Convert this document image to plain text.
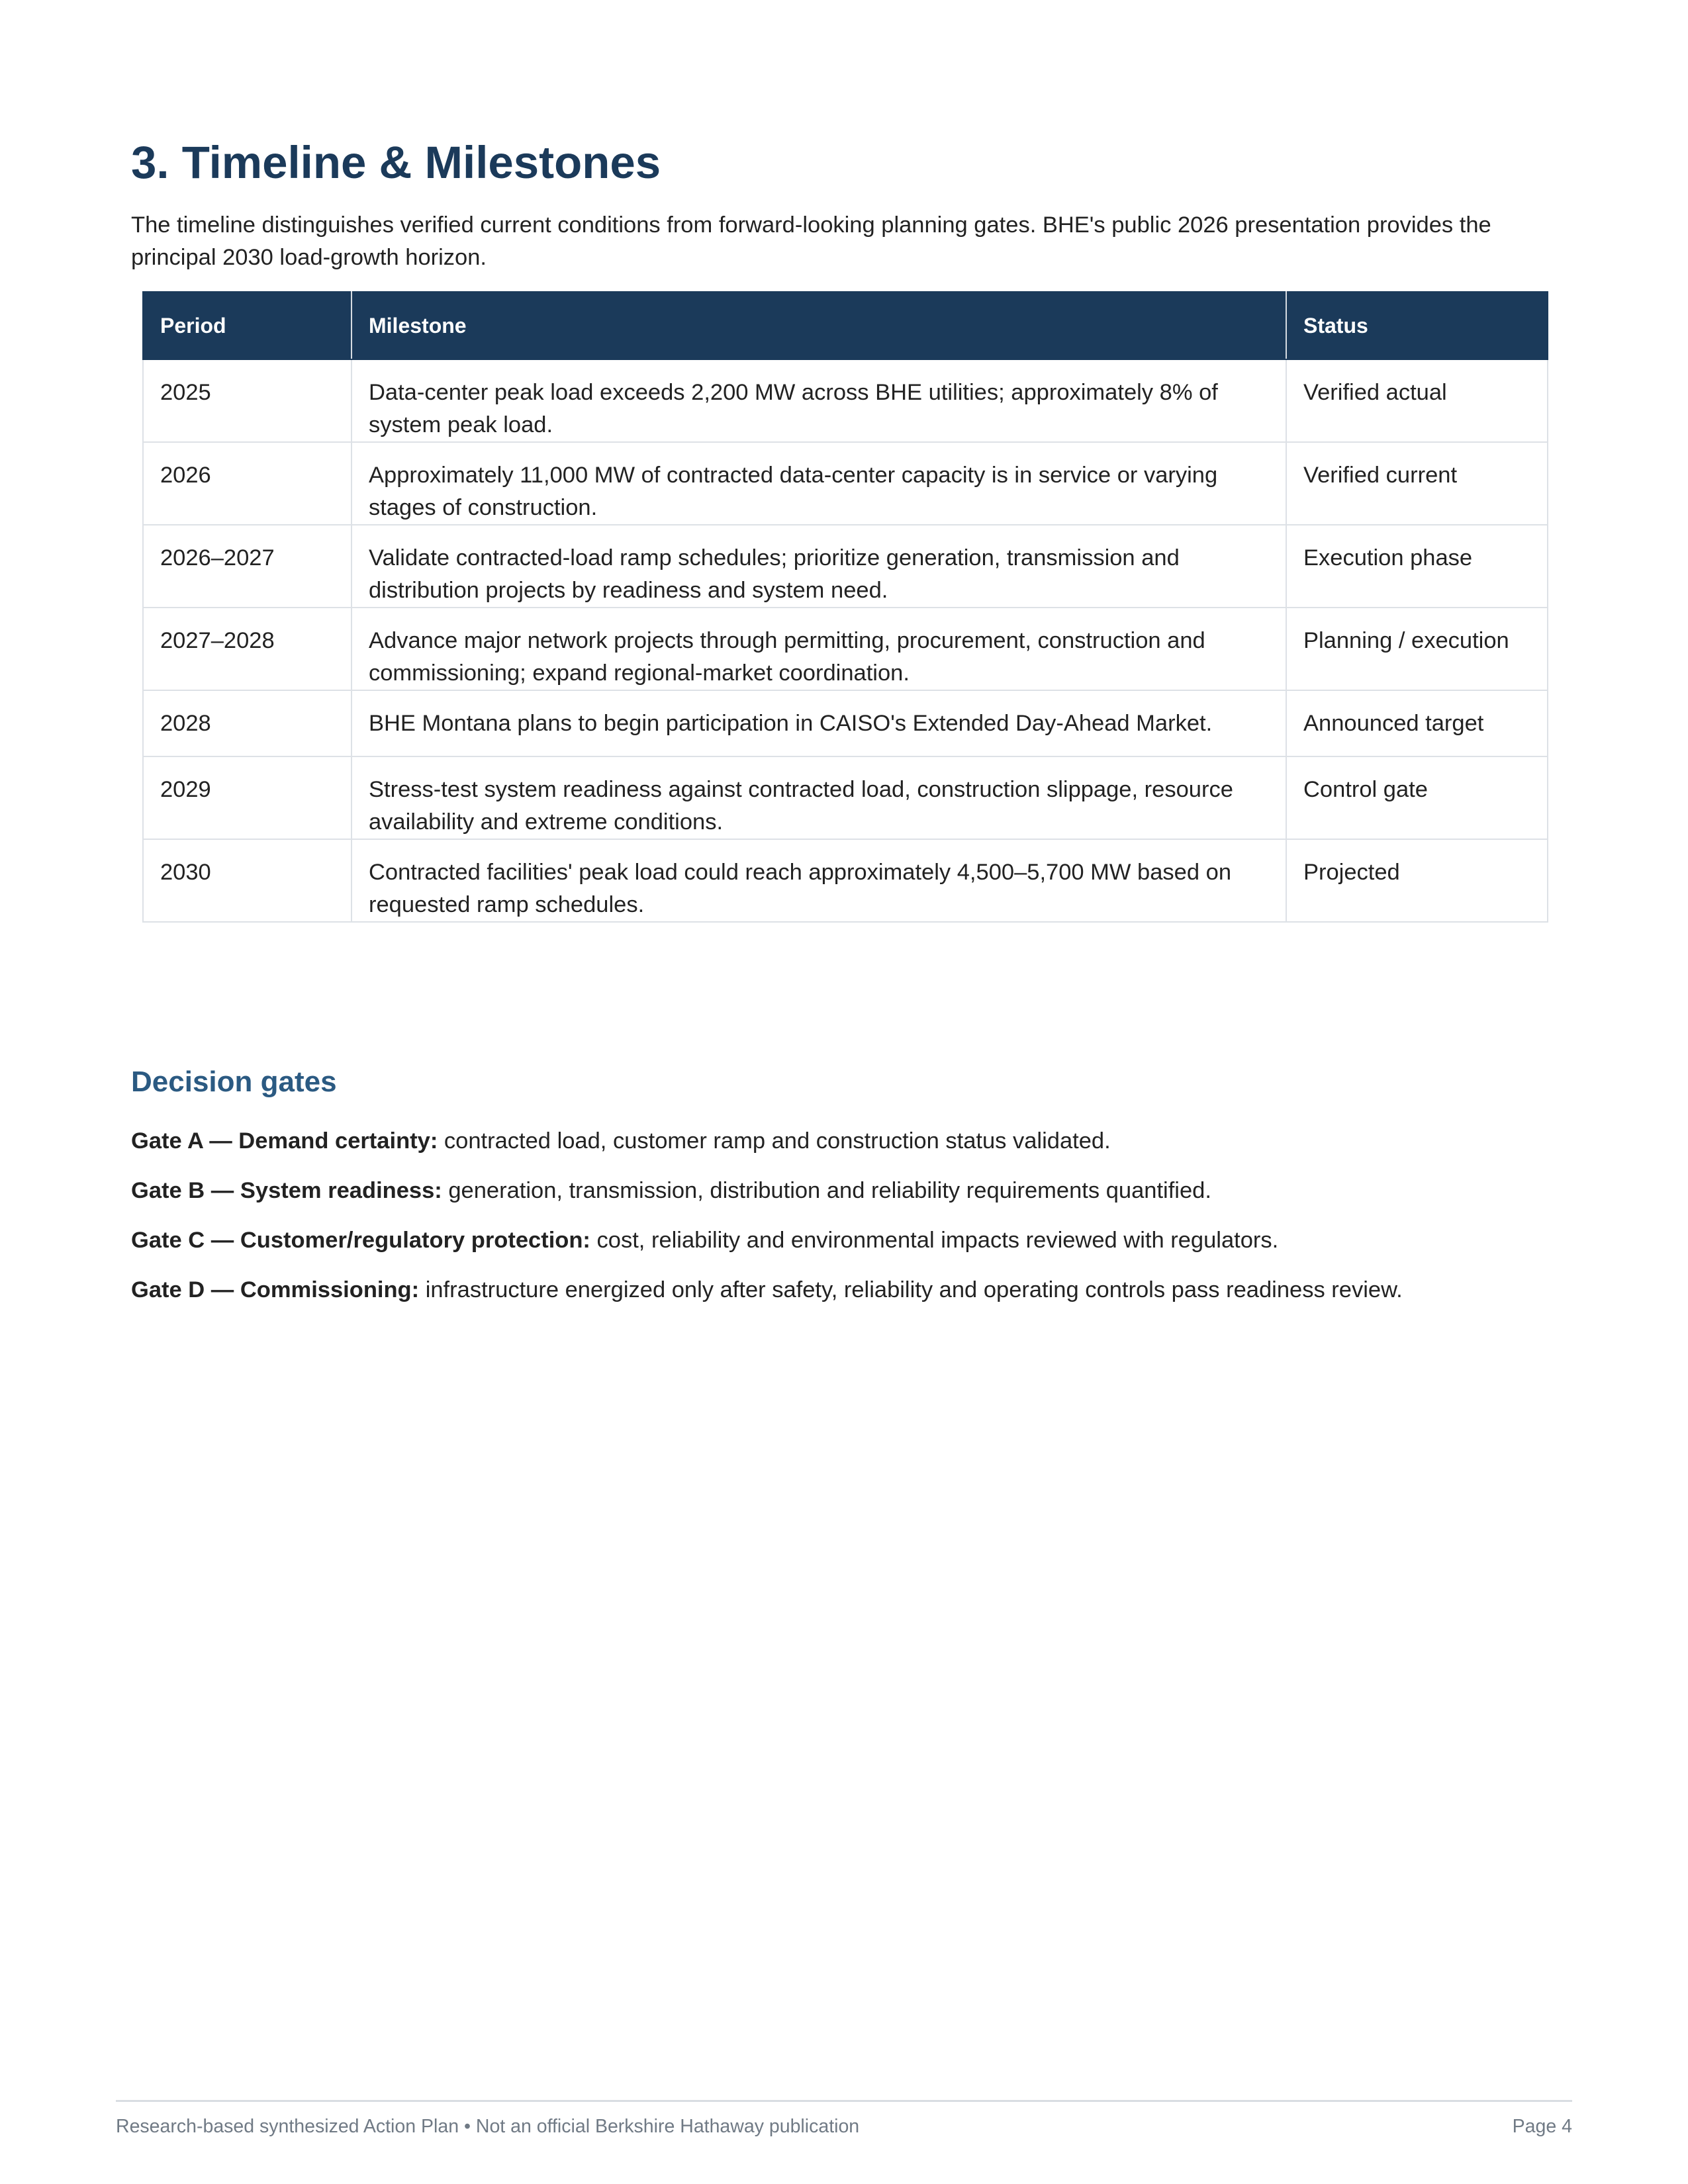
3. Timeline & Milestones

The timeline distinguishes verified current conditions from forward-looking planning gates. BHE's public 2026 presentation provides the principal 2030 load-growth horizon.

Period	Milestone	Status
2025	Data-center peak load exceeds 2,200 MW across BHE utilities; approximately 8% of system peak load.	Verified actual
2026	Approximately 11,000 MW of contracted data-center capacity is in service or varying stages of construction.	Verified current
2026–2027	Validate contracted-load ramp schedules; prioritize generation, transmission and distribution projects by readiness and system need.	Execution phase
2027–2028	Advance major network projects through permitting, procurement, construction and commissioning; expand regional-market coordination.	Planning / execution
2028	BHE Montana plans to begin participation in CAISO's Extended Day-Ahead Market.	Announced target
2029	Stress-test system readiness against contracted load, construction slippage, resource availability and extreme conditions.	Control gate
2030	Contracted facilities' peak load could reach approximately 4,500–5,700 MW based on requested ramp schedules.	Projected
Decision gates
Gate A — Demand certainty: contracted load, customer ramp and construction status validated.
Gate B — System readiness: generation, transmission, distribution and reliability requirements quantified.
Gate C — Customer/regulatory protection: cost, reliability and environmental impacts reviewed with regulators.
Gate D — Commissioning: infrastructure energized only after safety, reliability and operating controls pass readiness review.
Research-based synthesized Action Plan • Not an official Berkshire Hathaway publication	Page 4
